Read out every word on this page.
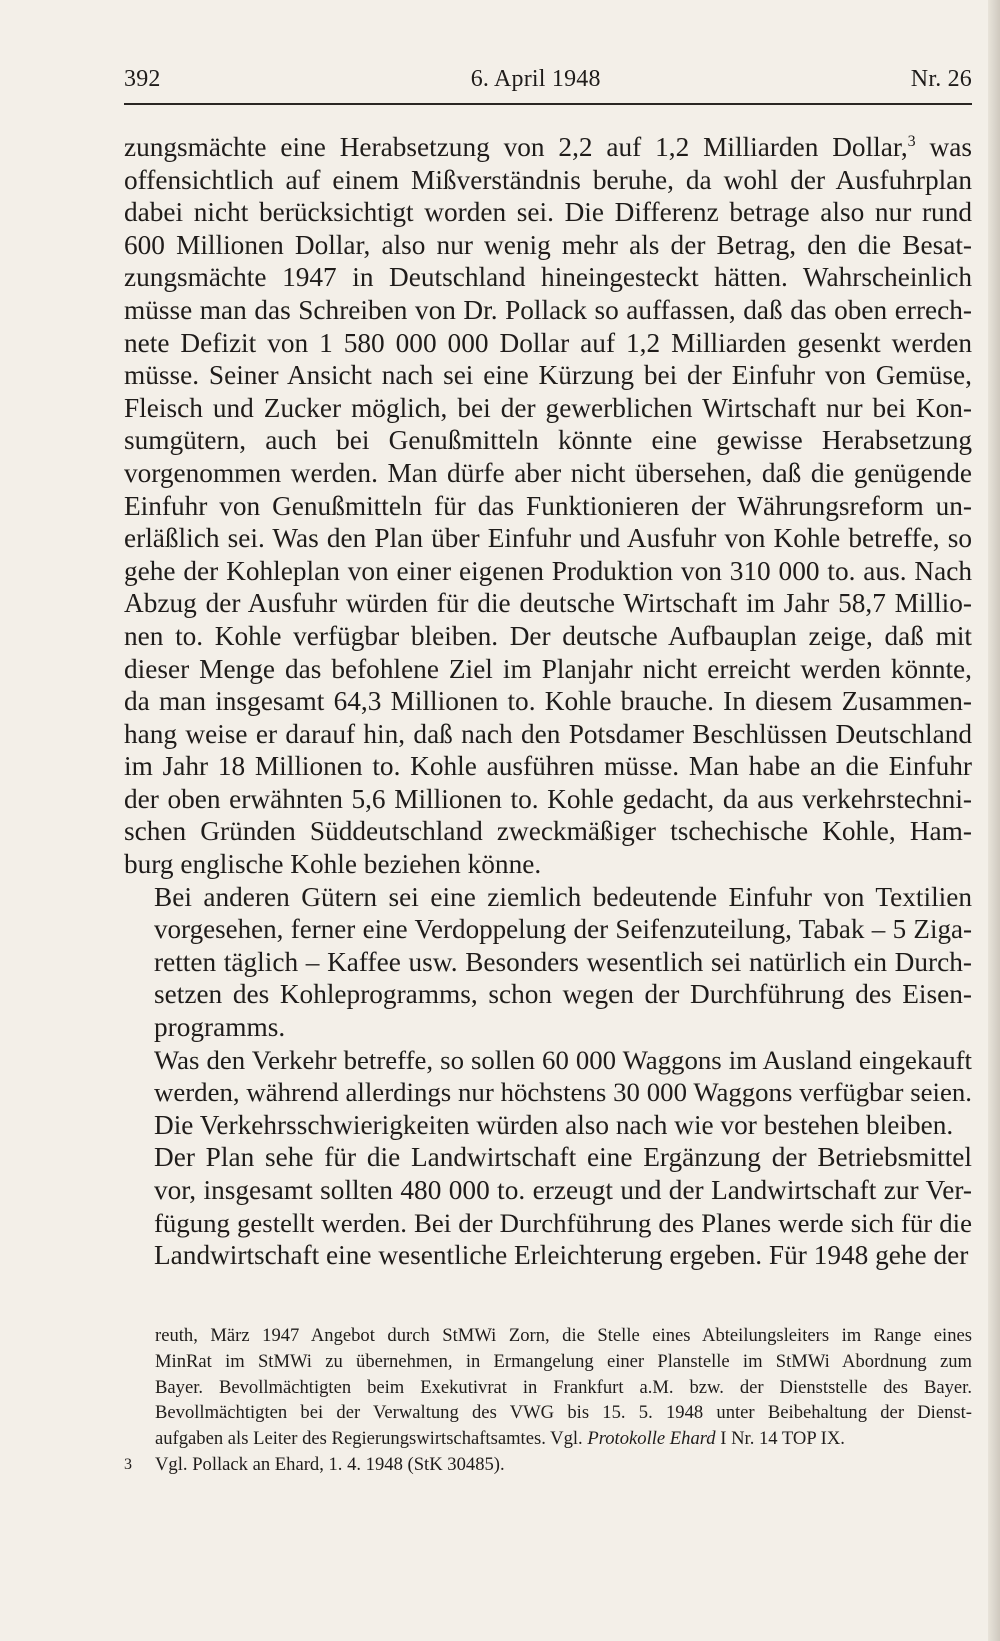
392	6. April 1948	Nr. 26

zungsmächte eine Herabsetzung von 2,2 auf 1,2 Milliarden Dollar,$^3$ was
offensichtlich auf einem Mißverständnis beruhe, da wohl der Ausfuhrplan
dabei nicht berücksichtigt worden sei. Die Differenz betrage also nur rund
600 Millionen Dollar, also nur wenig mehr als der Betrag, den die Besat-
zungsmächte 1947 in Deutschland hineingesteckt hätten. Wahrscheinlich
müsse man das Schreiben von Dr. Pollack so auffassen, daß das oben errech-
nete Defizit von 1 580 000 000 Dollar auf 1,2 Milliarden gesenkt werden
müsse. Seiner Ansicht nach sei eine Kürzung bei der Einfuhr von Gemüse,
Fleisch und Zucker möglich, bei der gewerblichen Wirtschaft nur bei Kon-
sumgütern, auch bei Genußmitteln könnte eine gewisse Herabsetzung
vorgenommen werden. Man dürfe aber nicht übersehen, daß die genügende
Einfuhr von Genußmitteln für das Funktionieren der Währungsreform un-
erläßlich sei. Was den Plan über Einfuhr und Ausfuhr von Kohle betreffe, so
gehe der Kohleplan von einer eigenen Produktion von 310 000 to. aus. Nach
Abzug der Ausfuhr würden für die deutsche Wirtschaft im Jahr 58,7 Millio-
nen to. Kohle verfügbar bleiben. Der deutsche Aufbauplan zeige, daß mit
dieser Menge das befohlene Ziel im Planjahr nicht erreicht werden könnte,
da man insgesamt 64,3 Millionen to. Kohle brauche. In diesem Zusammen-
hang weise er darauf hin, daß nach den Potsdamer Beschlüssen Deutschland
im Jahr 18 Millionen to. Kohle ausführen müsse. Man habe an die Einfuhr
der oben erwähnten 5,6 Millionen to. Kohle gedacht, da aus verkehrstechni-
schen Gründen Süddeutschland zweckmäßiger tschechische Kohle, Ham-
burg englische Kohle beziehen könne.

Bei anderen Gütern sei eine ziemlich bedeutende Einfuhr von Textilien
vorgesehen, ferner eine Verdoppelung der Seifenzuteilung, Tabak – 5 Ziga-
retten täglich – Kaffee usw. Besonders wesentlich sei natürlich ein Durch-
setzen des Kohleprogramms, schon wegen der Durchführung des Eisen-
programms.

Was den Verkehr betreffe, so sollen 60 000 Waggons im Ausland eingekauft
werden, während allerdings nur höchstens 30 000 Waggons verfügbar seien.
Die Verkehrsschwierigkeiten würden also nach wie vor bestehen bleiben.

Der Plan sehe für die Landwirtschaft eine Ergänzung der Betriebsmittel
vor, insgesamt sollten 480 000 to. erzeugt und der Landwirtschaft zur Ver-
fügung gestellt werden. Bei der Durchführung des Planes werde sich für die
Landwirtschaft eine wesentliche Erleichterung ergeben. Für 1948 gehe der

reuth, März 1947 Angebot durch StMWi Zorn, die Stelle eines Abteilungsleiters im Range eines
MinRat im StMWi zu übernehmen, in Ermangelung einer Planstelle im StMWi Abordnung zum
Bayer. Bevollmächtigten beim Exekutivrat in Frankfurt a.M. bzw. der Dienststelle des Bayer.
Bevollmächtigten bei der Verwaltung des VWG bis 15. 5. 1948 unter Beibehaltung der Dienst-
aufgaben als Leiter des Regierungswirtschaftsamtes. Vgl. Protokolle Ehard I Nr. 14 TOP IX.
3	Vgl. Pollack an Ehard, 1. 4. 1948 (StK 30485).
